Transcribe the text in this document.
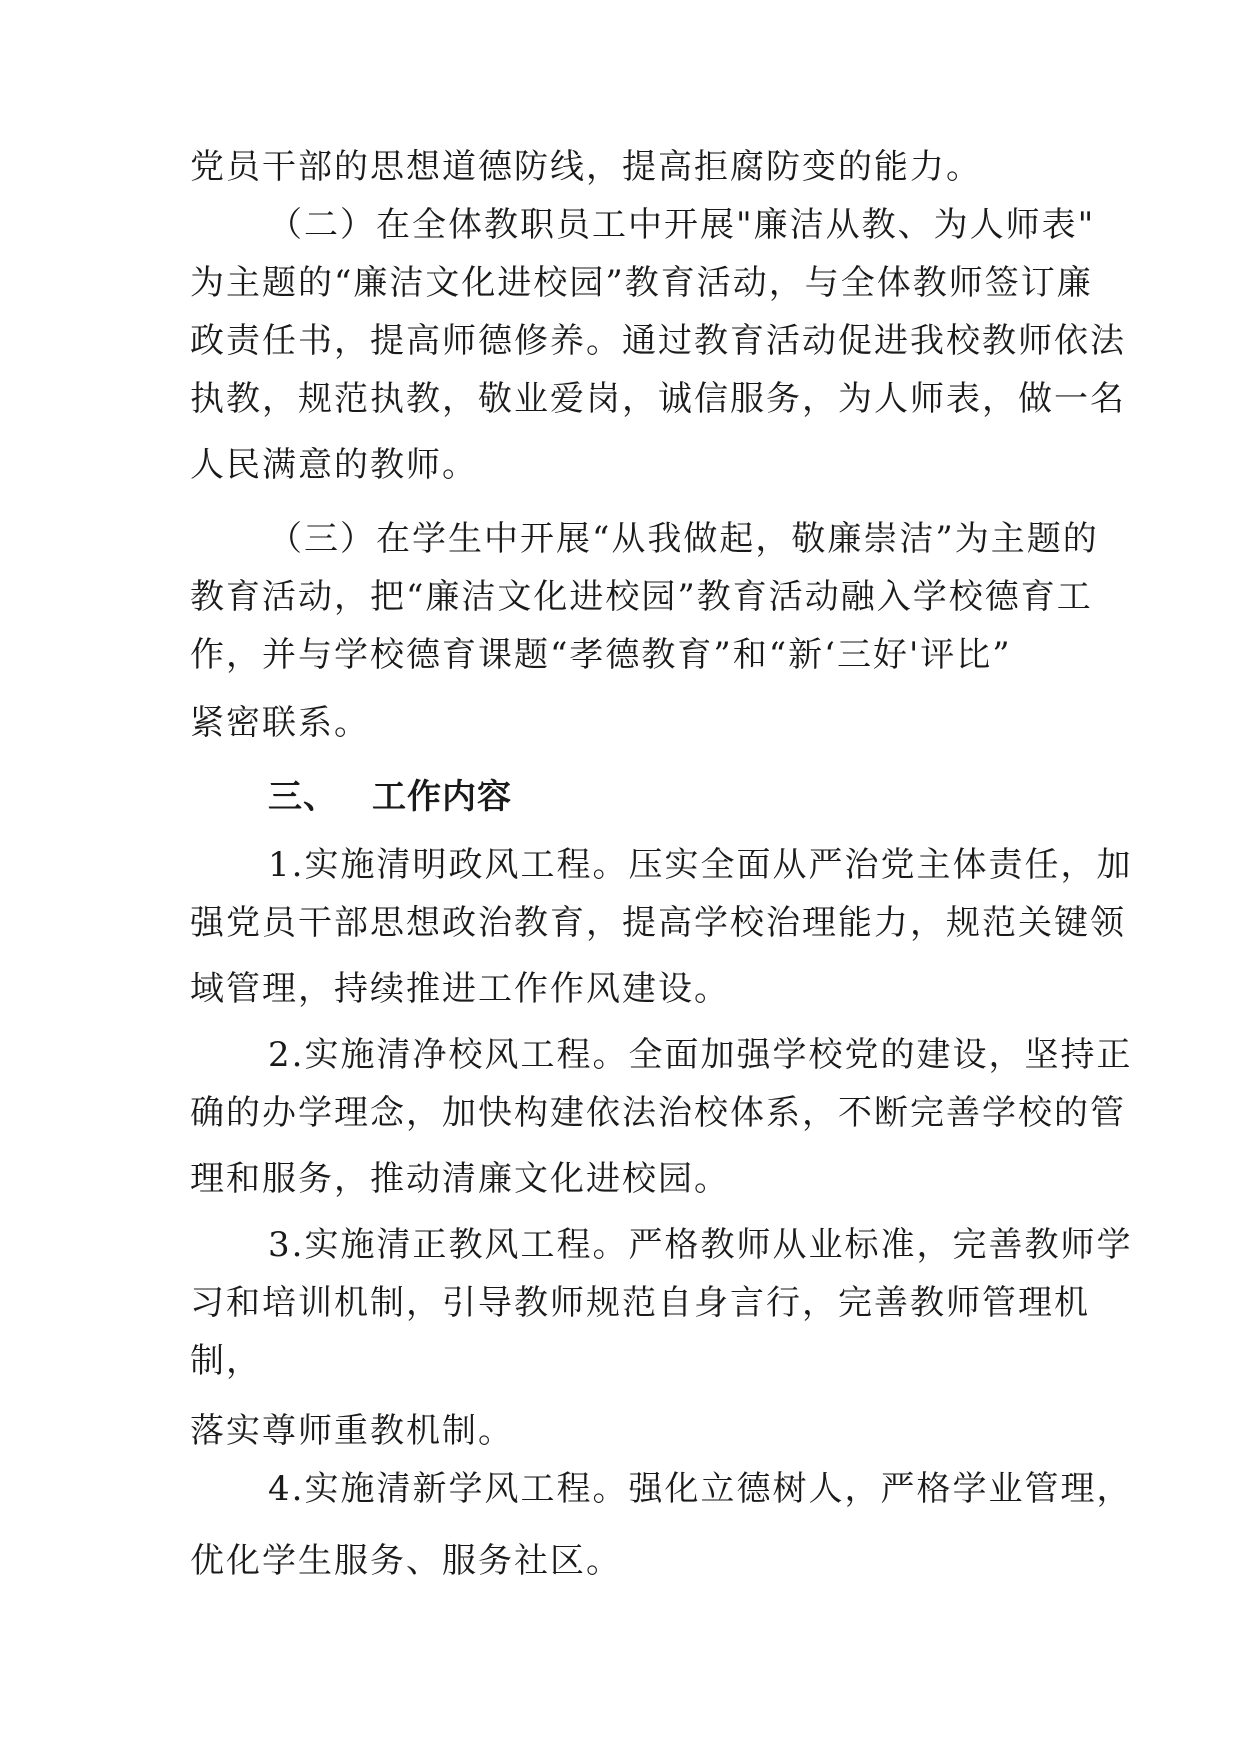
党员干部的思想道德防线，提高拒腐防变的能力。
（二）在全体教职员工中开展"廉洁从教、为人师表"
为主题的“廉洁文化进校园”教育活动，与全体教师签订廉
政责任书，提高师德修养。通过教育活动促进我校教师依法
执教，规范执教，敬业爱岗，诚信服务，为人师表，做一名
人民满意的教师。
（三）在学生中开展“从我做起，敬廉崇洁”为主题的
教育活动，把“廉洁文化进校园”教育活动融入学校德育工
作，并与学校德育课题“孝德教育”和“新‘三好'评比”
紧密联系。
三、 工作内容
1.实施清明政风工程。压实全面从严治党主体责任，加
强党员干部思想政治教育，提高学校治理能力，规范关键领
域管理，持续推进工作作风建设。
2.实施清净校风工程。全面加强学校党的建设，坚持正
确的办学理念，加快构建依法治校体系，不断完善学校的管
理和服务，推动清廉文化进校园。
3.实施清正教风工程。严格教师从业标准，完善教师学
习和培训机制，引导教师规范自身言行，完善教师管理机
制，
落实尊师重教机制。
4.实施清新学风工程。强化立德树人，严格学业管理，
优化学生服务、服务社区。
